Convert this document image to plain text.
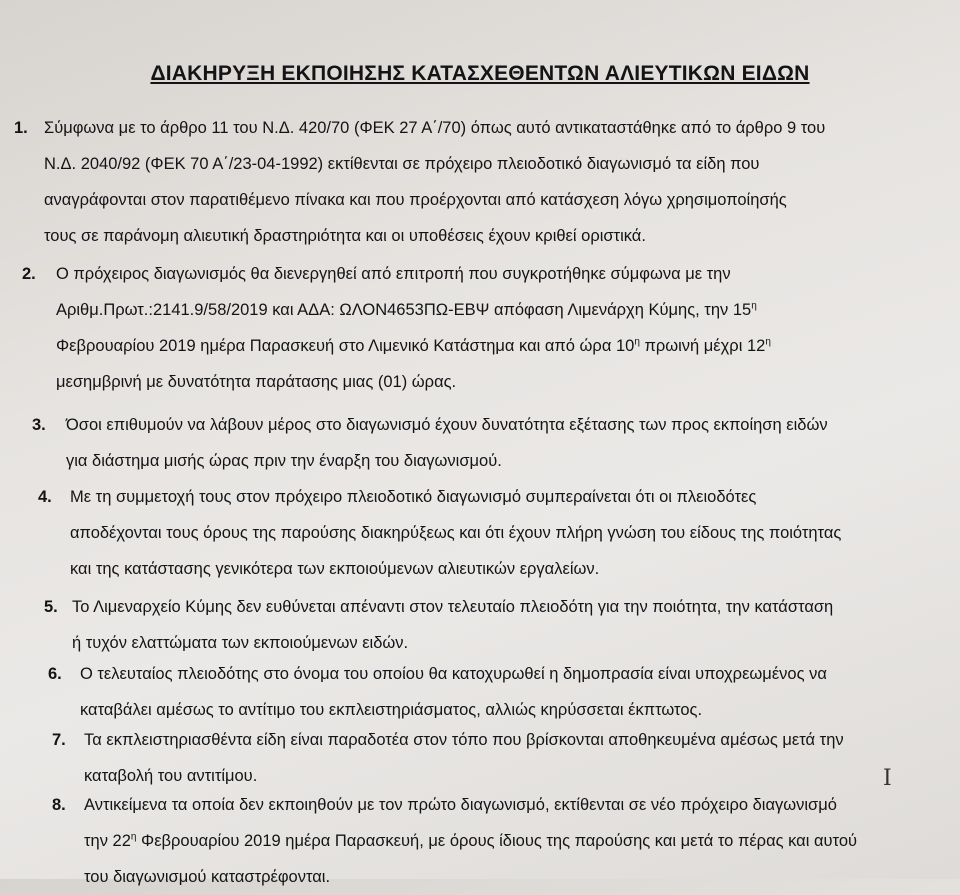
ΔΙΑΚΗΡΥΞΗ ΕΚΠΟΙΗΣΗΣ ΚΑΤΑΣΧΕΘΕΝΤΩΝ ΑΛΙΕΥΤΙΚΩΝ ΕΙΔΩΝ
1. Σύμφωνα με το άρθρο 11 του Ν.Δ. 420/70 (ΦΕΚ 27 Α΄/70) όπως αυτό αντικαταστάθηκε από το άρθρο 9 του
Ν.Δ. 2040/92 (ΦΕΚ 70 Α΄/23-04-1992) εκτίθενται σε πρόχειρο πλειοδοτικό διαγωνισμό τα είδη που
αναγράφονται στον παρατιθέμενο πίνακα και που προέρχονται από κατάσχεση λόγω χρησιμοποίησής
τους σε παράνομη αλιευτική δραστηριότητα και οι υποθέσεις έχουν κριθεί οριστικά.
2. Ο πρόχειρος διαγωνισμός θα διενεργηθεί από επιτροπή που συγκροτήθηκε σύμφωνα με την
Αριθμ.Πρωτ.:2141.9/58/2019 και ΑΔΑ: ΩΛΟΝ4653ΠΩ-ΕΒΨ απόφαση Λιμενάρχη Κύμης, την $15^\eta$
Φεβρουαρίου 2019 ημέρα Παρασκευή στο Λιμενικό Κατάστημα και από ώρα $10^\eta$ πρωινή μέχρι $12^\eta$
μεσημβρινή με δυνατότητα παράτασης μιας (01) ώρας.
3. Όσοι επιθυμούν να λάβουν μέρος στο διαγωνισμό έχουν δυνατότητα εξέτασης των προς εκποίηση ειδών
για διάστημα μισής ώρας πριν την έναρξη του διαγωνισμού.
4. Με τη συμμετοχή τους στον πρόχειρο πλειοδοτικό διαγωνισμό συμπεραίνεται ότι οι πλειοδότες
αποδέχονται τους όρους της παρούσης διακηρύξεως και ότι έχουν πλήρη γνώση του είδους της ποιότητας
και της κατάστασης γενικότερα των εκποιούμενων αλιευτικών εργαλείων.
5. Το Λιμεναρχείο Κύμης δεν ευθύνεται απέναντι στον τελευταίο πλειοδότη για την ποιότητα, την κατάσταση
ή τυχόν ελαττώματα των εκποιούμενων ειδών.
6. Ο τελευταίος πλειοδότης στο όνομα του οποίου θα κατοχυρωθεί η δημοπρασία είναι υποχρεωμένος να
καταβάλει αμέσως το αντίτιμο του εκπλειστηριάσματος, αλλιώς κηρύσσεται έκπτωτος.
7. Τα εκπλειστηριασθέντα είδη είναι παραδοτέα στον τόπο που βρίσκονται αποθηκευμένα αμέσως μετά την
καταβολή του αντιτίμου.
8. Αντικείμενα τα οποία δεν εκποιηθούν με τον πρώτο διαγωνισμό, εκτίθενται σε νέο πρόχειρο διαγωνισμό
την $22^\eta$ Φεβρουαρίου 2019 ημέρα Παρασκευή, με όρους ίδιους της παρούσης και μετά το πέρας και αυτού
του διαγωνισμού καταστρέφονται.
I
